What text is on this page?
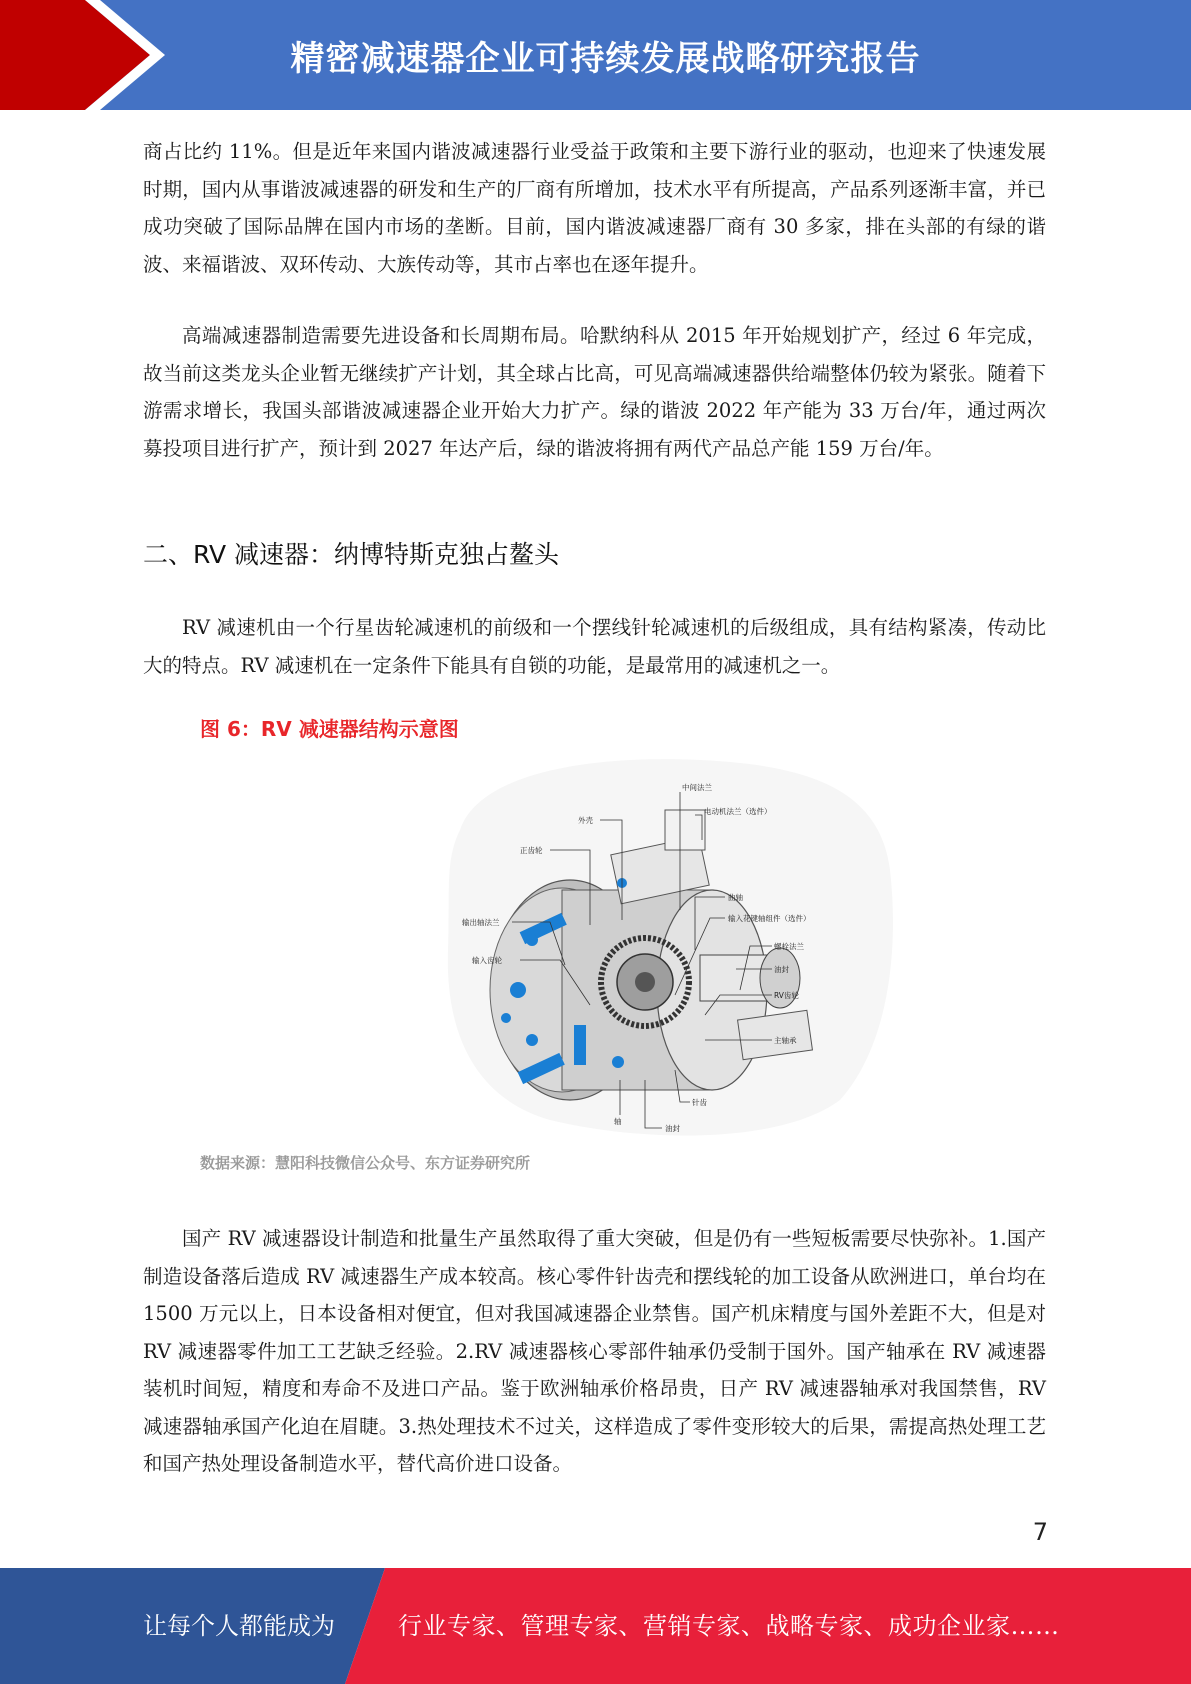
精密减速器企业可持续发展战略研究报告

商占比约 11%。但是近年来国内谐波减速器行业受益于政策和主要下游行业的驱动，也迎来了快速发展时期，国内从事谐波减速器的研发和生产的厂商有所增加，技术水平有所提高，产品系列逐渐丰富，并已成功突破了国际品牌在国内市场的垄断。目前，国内谐波减速器厂商有 30 多家，排在头部的有绿的谐波、来福谐波、双环传动、大族传动等，其市占率也在逐年提升。

高端减速器制造需要先进设备和长周期布局。哈默纳科从 2015 年开始规划扩产，经过 6 年完成，故当前这类龙头企业暂无继续扩产计划，其全球占比高，可见高端减速器供给端整体仍较为紧张。随着下游需求增长，我国头部谐波减速器企业开始大力扩产。绿的谐波 2022 年产能为 33 万台/年，通过两次募投项目进行扩产，预计到 2027 年达产后，绿的谐波将拥有两代产品总产能 159 万台/年。

二、RV 减速器：纳博特斯克独占鳌头

RV 减速机由一个行星齿轮减速机的前级和一个摆线针轮减速机的后级组成，具有结构紧凑，传动比大的特点。RV 减速机在一定条件下能具有自锁的功能，是最常用的减速机之一。

图 6：RV 减速器结构示意图

中间法兰
外壳
电动机法兰（选件）
正齿轮
曲轴
输出轴法兰	输入花键轴组件（选件）
输入齿轮
螺栓法兰
油封
RV齿轮
主轴承
针齿
轴
油封

数据来源：慧阳科技微信公众号、东方证券研究所

国产 RV 减速器设计制造和批量生产虽然取得了重大突破，但是仍有一些短板需要尽快弥补。1.国产制造设备落后造成 RV 减速器生产成本较高。核心零件针齿壳和摆线轮的加工设备从欧洲进口，单台均在 1500 万元以上，日本设备相对便宜，但对我国减速器企业禁售。国产机床精度与国外差距不大，但是对 RV 减速器零件加工工艺缺乏经验。2.RV 减速器核心零部件轴承仍受制于国外。国产轴承在 RV 减速器装机时间短，精度和寿命不及进口产品。鉴于欧洲轴承价格昂贵，日产 RV 减速器轴承对我国禁售，RV 减速器轴承国产化迫在眉睫。3.热处理技术不过关，这样造成了零件变形较大的后果，需提高热处理工艺和国产热处理设备制造水平，替代高价进口设备。

7
让每个人都能成为	行业专家、管理专家、营销专家、战略专家、成功企业家……
